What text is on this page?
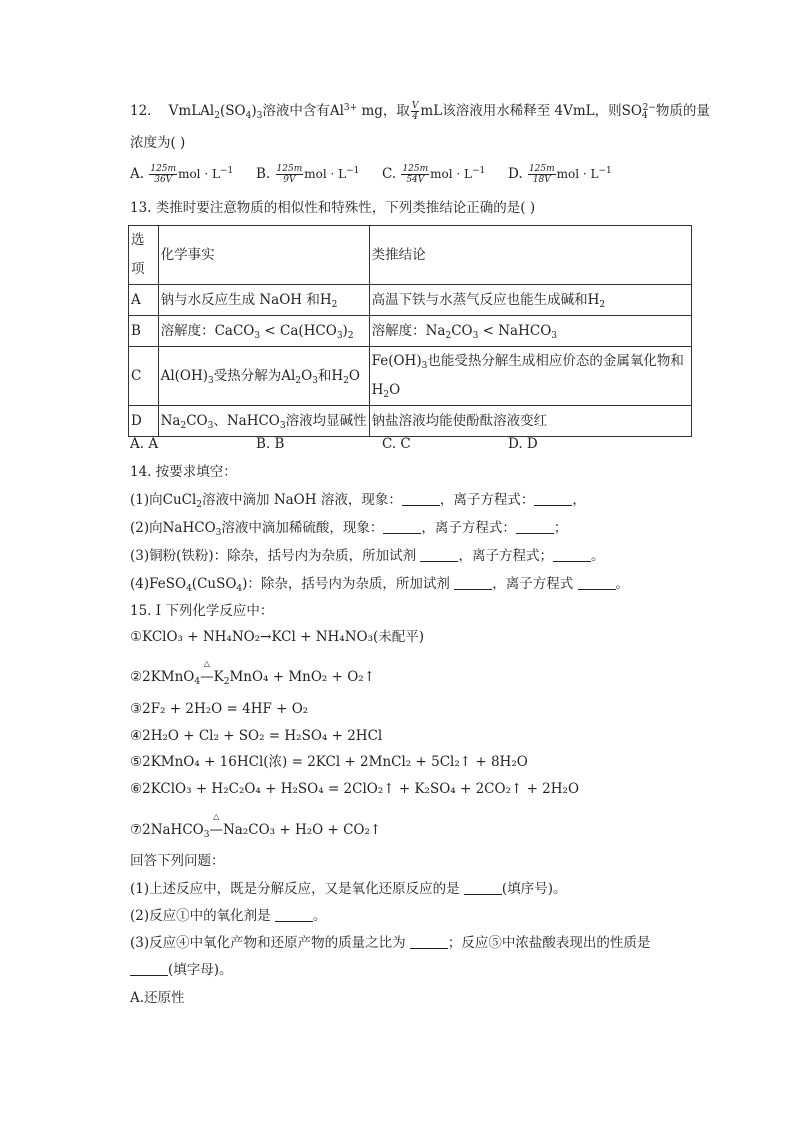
12. $VmLAl_2(SO_4)_3$溶液中含有$Al^{3+}$ mg，取 $\frac{V}{4}$ mL该溶液用水稀释至 4VmL，则$SO_4^{2-}$物质的量
浓度为( )
A. $\frac{125m}{36V}$ mol · $L^{-1}$ B. $\frac{125m}{9V}$ mol · $L^{-1}$ C. $\frac{125m}{54V}$ mol · $L^{-1}$ D. $\frac{125m}{18V}$ mol · $L^{-1}$
13. 类推时要注意物质的相似性和特殊性，下列类推结论正确的是( )
选项	化学事实	类推结论
A	钠与水反应生成 NaOH 和$H_2$	高温下铁与水蒸气反应也能生成碱和$H_2$
B	溶解度：CaCO$_3$ < $Ca(HCO_3)_2$	溶解度：$Na_2CO_3$ < NaHCO$_3$
C	$Al(OH)_3$受热分解为$Al_2O_3$和$H_2O$	$Fe(OH)_3$也能受热分解生成相应价态的金属氧化物和
$H_2O$
D	$Na_2CO_3$、NaHCO$_3$溶液均显碱性	钠盐溶液均能使酚酞溶液变红
A. A	B. B	C. C	D. D
14. 按要求填空：
(1)向CuCl$_2$溶液中滴加 NaOH 溶液，现象：	，离子方程式：	，
(2)向NaHCO$_3$溶液中滴加稀硫酸，现象：	，离子方程式：	；
(3)铜粉(铁粉)：除杂，括号内为杂质，所加试剂	，离子方程式；	。
(4)FeSO$_4$(CuSO$_4$)：除杂，括号内为杂质，所加试剂	，离子方程式	。
15. I 下列化学反应中：
①KClO₃ + NH₄NO₂→KCl + NH₄NO₃(未配平)
②2KMnO$_4$—
△
$K_2MnO_4 + MnO_2$ + O₂↑
③2F₂ + 2H₂O = 4HF + O₂
④2H₂O + Cl₂ + SO₂ = H₂SO₄ + 2HCl
⑤2KMnO₄ + 16HCl(浓) = 2KCl + 2MnCl₂ + 5Cl₂↑ + 8H₂O
⑥2KClO₃ + H₂C₂O₄ + H₂SO₄ = 2ClO₂↑ + K₂SO₄ + 2CO₂↑ + 2H₂O
⑦2NaHCO$_3$—
△
Na₂CO₃ + H₂O + CO₂↑
回答下列问题：
(1)上述反应中，既是分解反应，又是氧化还原反应的是	(填序号)。
(2)反应①中的氧化剂是	。
(3)反应④中氧化产物和还原产物的质量之比为	；反应⑤中浓盐酸表现出的性质是
(填字母)。
A.还原性
